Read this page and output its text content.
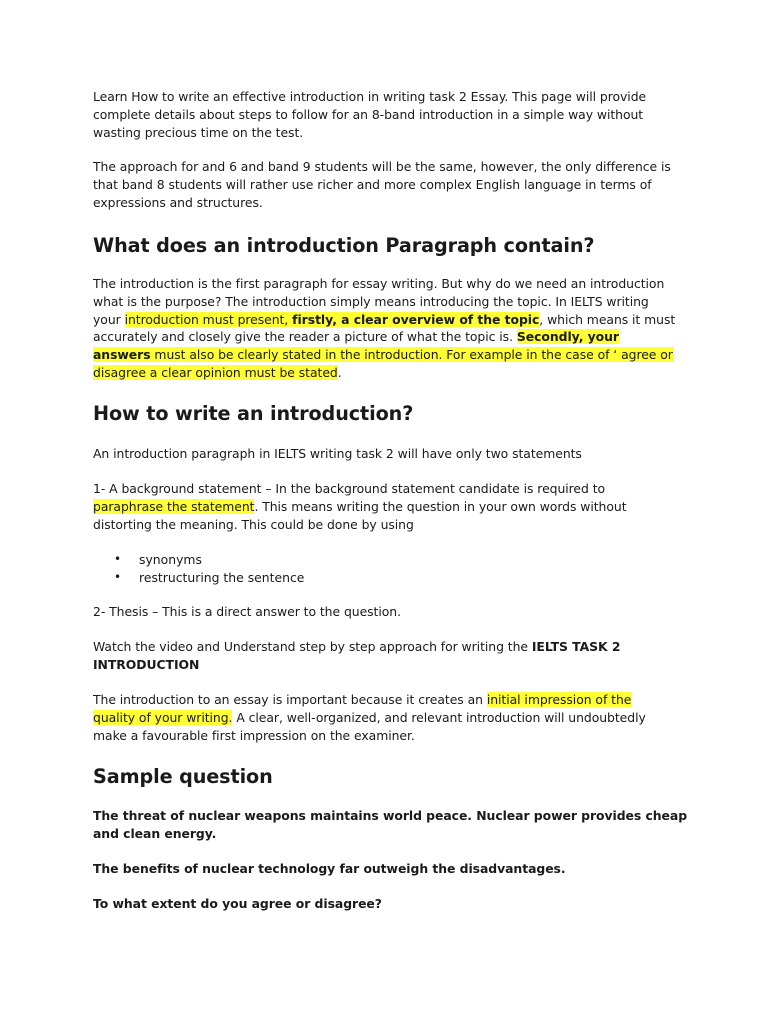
Learn How to write an effective introduction in writing task 2 Essay. This page will provide complete details about steps to follow for an 8-band introduction in a simple way without wasting precious time on the test.

The approach for and 6 and band 9 students will be the same, however, the only difference is that band 8 students will rather use richer and more complex English language in terms of expressions and structures.

What does an introduction Paragraph contain?

The introduction is the first paragraph for essay writing. But why do we need an introduction what is the purpose? The introduction simply means introducing the topic. In IELTS writing your introduction must present, firstly, a clear overview of the topic, which means it must accurately and closely give the reader a picture of what the topic is. Secondly, your answers must also be clearly stated in the introduction. For example in the case of ‘ agree or disagree a clear opinion must be stated.

How to write an introduction?

An introduction paragraph in IELTS writing task 2 will have only two statements

1- A background statement – In the background statement candidate is required to paraphrase the statement. This means writing the question in your own words without distorting the meaning. This could be done by using

• synonyms
• restructuring the sentence

2- Thesis – This is a direct answer to the question.

Watch the video and Understand step by step approach for writing the IELTS TASK 2 INTRODUCTION

The introduction to an essay is important because it creates an initial impression of the quality of your writing. A clear, well-organized, and relevant introduction will undoubtedly make a favourable first impression on the examiner.

Sample question

The threat of nuclear weapons maintains world peace. Nuclear power provides cheap and clean energy.

The benefits of nuclear technology far outweigh the disadvantages.

To what extent do you agree or disagree?
